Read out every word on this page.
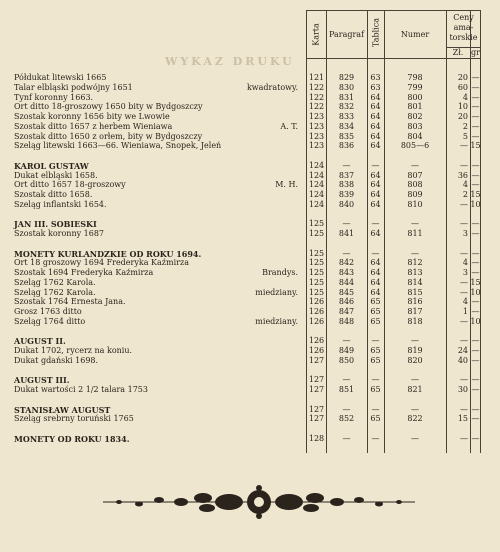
WYKAZ DRUKU
Karta	Paragraf Tablica	Numer
Ceny ama- torskie
Zł. gr
Półdukat litewski 1665	121	829	63	798	20 —
Talar elbląski podwójny 1651	kwadratowy.	122	830	63	799	60 —
Tynf koronny 1663.	122	831	64	800	4 —
Ort ditto 18-groszowy 1650 bity w Bydgoszczy	122	832	64	801	10 —
Szostak koronny 1656 bity we Lwowie	123	833	64	802	20 —
Szostak ditto 1657 z herbem Wieniawa	A. T.	123	834	64	803	2 —
Szostak ditto 1650 z orłem, bity w Bydgoszczy	123	835	64	804	5 —
Szeląg litewski 1663—66. Wieniawa, Snopek, Jeleń	123	836	64	805—6	— 15
KAROL GUSTAW	124	—	—	—	— —
Dukat elbląski 1658.	124	837	64	807	36 —
Ort ditto 1657 18-groszowy	M. H.	124	838	64	808	4 —
Szostak ditto 1658.	124	839	64	809	2 15
Szeląg inflantski 1654.	124	840	64	810	— 10
JAN III. SOBIESKI	125	—	—	—	— —
Szostak koronny 1687	125	841	64	811	3 —
MONETY KURLANDZKIE OD ROKU 1694.	125	—	—	—	— —
Ort 18 groszowy 1694 Frederyka Kaźmirza	125	842	64	812	4 —
Szostak 1694 Frederyka Kaźmirza	Brandys.	125	843	64	813	3 —
Szeląg 1762 Karola.	125	844	64	814	— 15
Szeląg 1762 Karola.	miedziany.	125	845	64	815	— 10
Szostak 1764 Ernesta Jana.	126	846	65	816	4 —
Grosz 1763 ditto	126	847	65	817	1 —
Szeląg 1764 ditto	miedziany.	126	848	65	818	— 10
AUGUST II.	126	—	—	—	— —
Dukat 1702, rycerz na koniu.	126	849	65	819	24 —
Dukat gdański 1698.	127	850	65	820	40 —
AUGUST III.	127	—	—	—	— —
Dukat wartości 2 1/2 talara 1753	127	851	65	821	30 —
STANISŁAW AUGUST	127	—	—	—	— —
Szeląg srebrny toruński 1765	127	852	65	822	15 —
MONETY OD ROKU 1834.	128	—	—	—	— —
